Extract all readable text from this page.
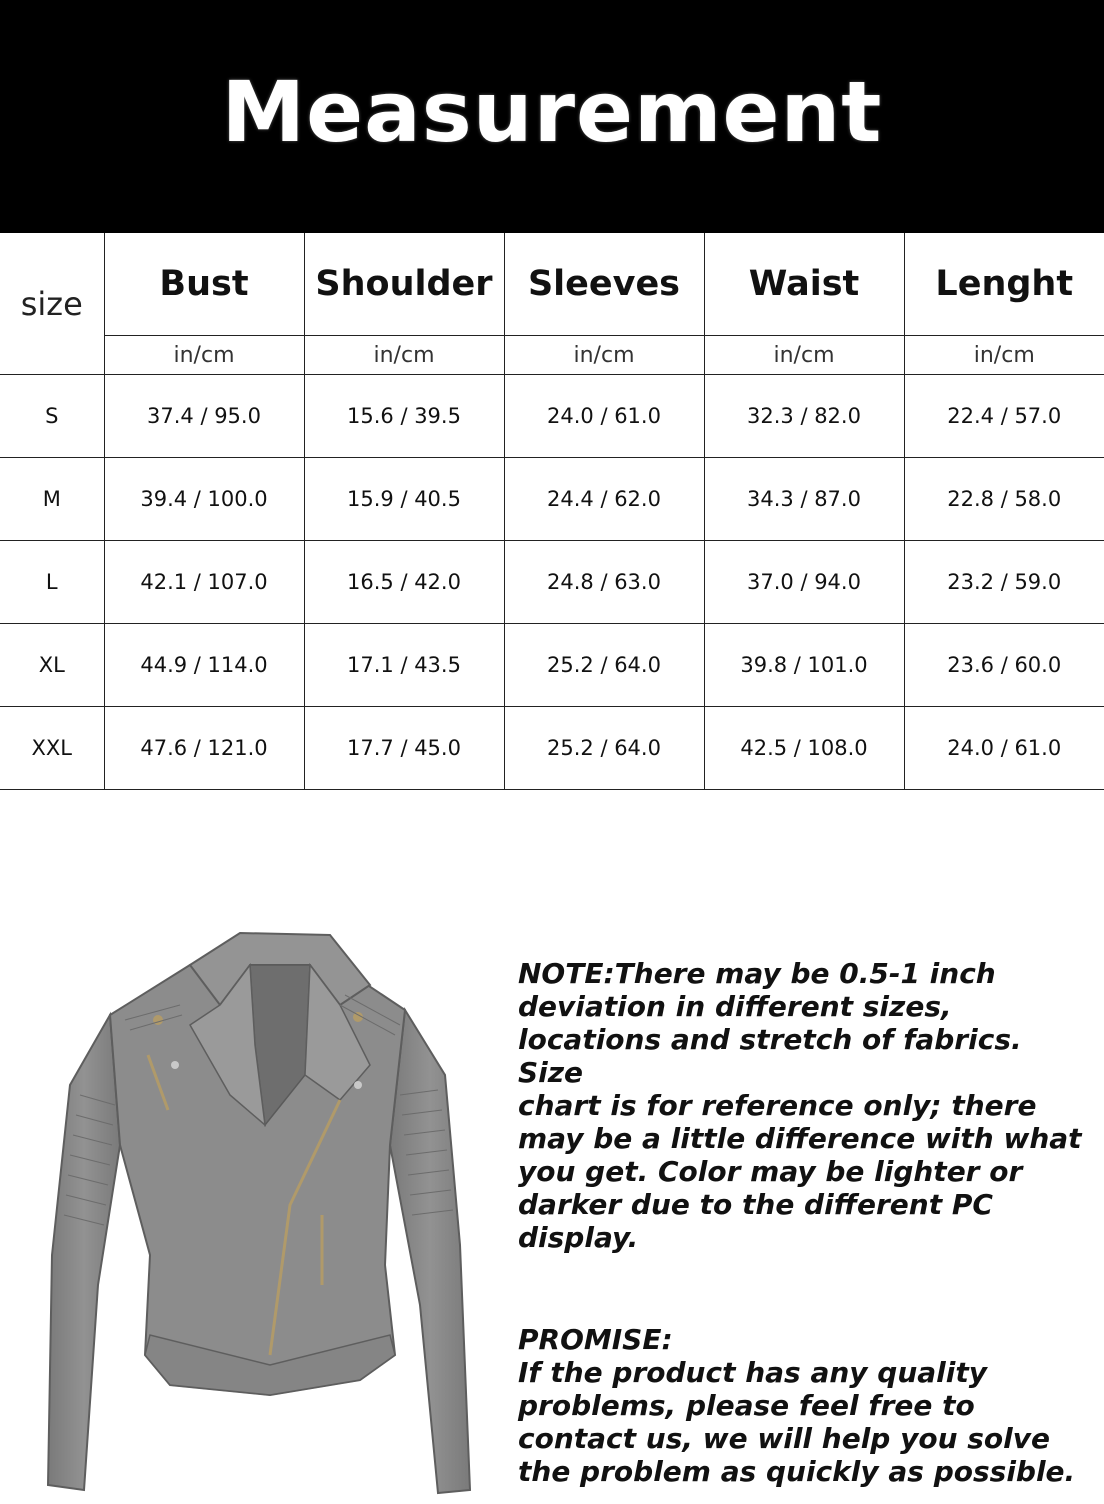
Measurement
size	Bust	Shoulder	Sleeves	Waist	Lenght
	in/cm	in/cm	in/cm	in/cm	in/cm
S	37.4 / 95.0	15.6 / 39.5	24.0 / 61.0	32.3 / 82.0	22.4 / 57.0
M	39.4 / 100.0	15.9 / 40.5	24.4 / 62.0	34.3 / 87.0	22.8 / 58.0
L	42.1 / 107.0	16.5 / 42.0	24.8 / 63.0	37.0 / 94.0	23.2 / 59.0
XL	44.9 / 114.0	17.1 / 43.5	25.2 / 64.0	39.8 / 101.0	23.6 / 60.0
XXL	47.6 / 121.0	17.7 / 45.0	25.2 / 64.0	42.5 / 108.0	24.0 / 61.0
NOTE:There may be 0.5-1 inch
deviation in different sizes,
locations and stretch of fabrics. Size
chart is for reference only; there
may be a little difference with what
you get. Color may be lighter or
darker due to the different PC
display.
PROMISE:
If the product has any quality
problems, please feel free to
contact us, we will help you solve
the problem as quickly as possible.
